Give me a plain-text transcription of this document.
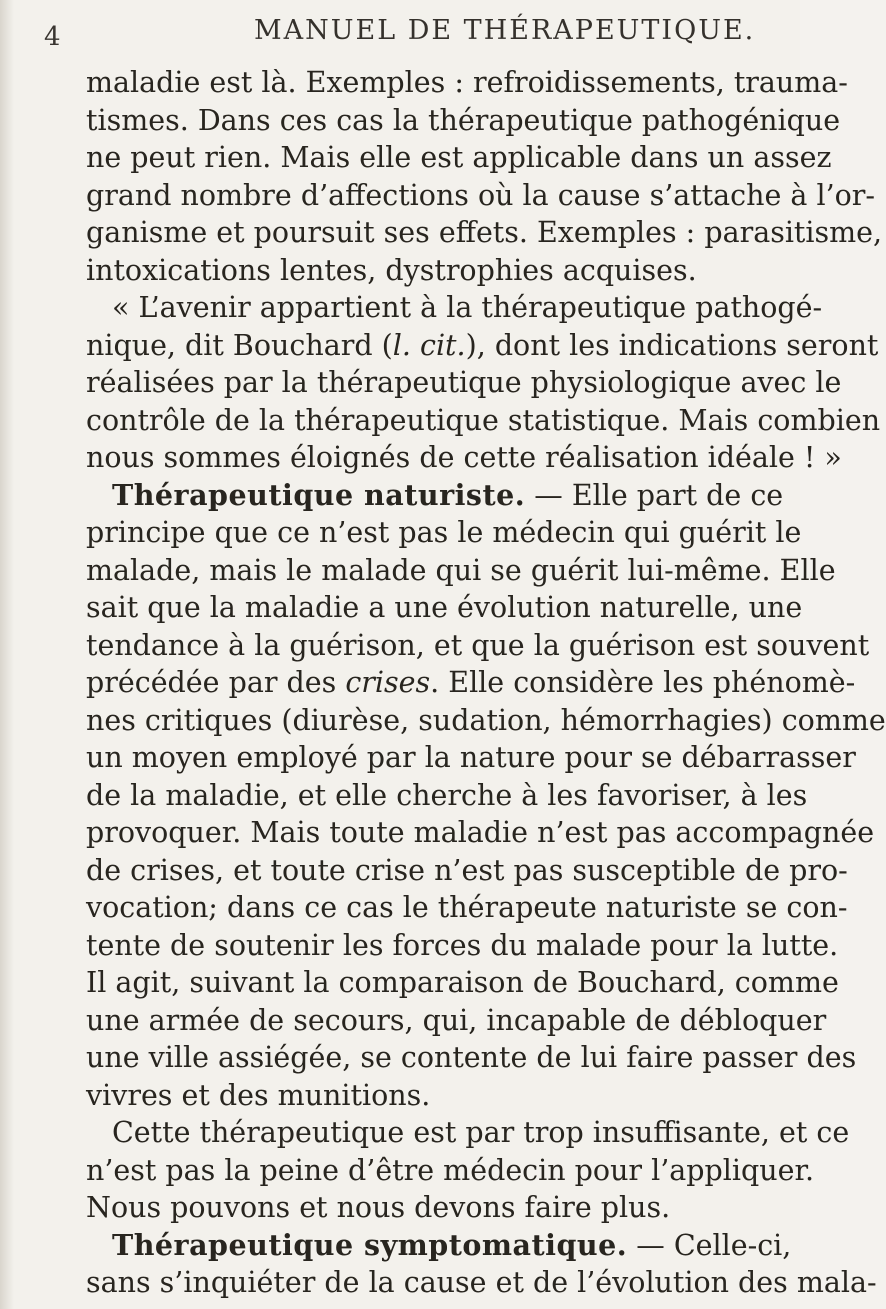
4	MANUEL DE THÉRAPEUTIQUE.
maladie est là. Exemples : refroidissements, trauma-
tismes. Dans ces cas la thérapeutique pathogénique
ne peut rien. Mais elle est applicable dans un assez
grand nombre d’affections où la cause s’attache à l’or-
ganisme et poursuit ses effets. Exemples : parasitisme,
intoxications lentes, dystrophies acquises.
« L’avenir appartient à la thérapeutique pathogé-
nique, dit Bouchard (l. cit.), dont les indications seront
réalisées par la thérapeutique physiologique avec le
contrôle de la thérapeutique statistique. Mais combien
nous sommes éloignés de cette réalisation idéale ! »
Thérapeutique naturiste. — Elle part de ce
principe que ce n’est pas le médecin qui guérit le
malade, mais le malade qui se guérit lui-même. Elle
sait que la maladie a une évolution naturelle, une
tendance à la guérison, et que la guérison est souvent
précédée par des crises. Elle considère les phénomè-
nes critiques (diurèse, sudation, hémorrhagies) comme
un moyen employé par la nature pour se débarrasser
de la maladie, et elle cherche à les favoriser, à les
provoquer. Mais toute maladie n’est pas accompagnée
de crises, et toute crise n’est pas susceptible de pro-
vocation; dans ce cas le thérapeute naturiste se con-
tente de soutenir les forces du malade pour la lutte.
Il agit, suivant la comparaison de Bouchard, comme
une armée de secours, qui, incapable de débloquer
une ville assiégée, se contente de lui faire passer des
vivres et des munitions.
Cette thérapeutique est par trop insuffisante, et ce
n’est pas la peine d’être médecin pour l’appliquer.
Nous pouvons et nous devons faire plus.
Thérapeutique symptomatique. — Celle-ci,
sans s’inquiéter de la cause et de l’évolution des mala-
